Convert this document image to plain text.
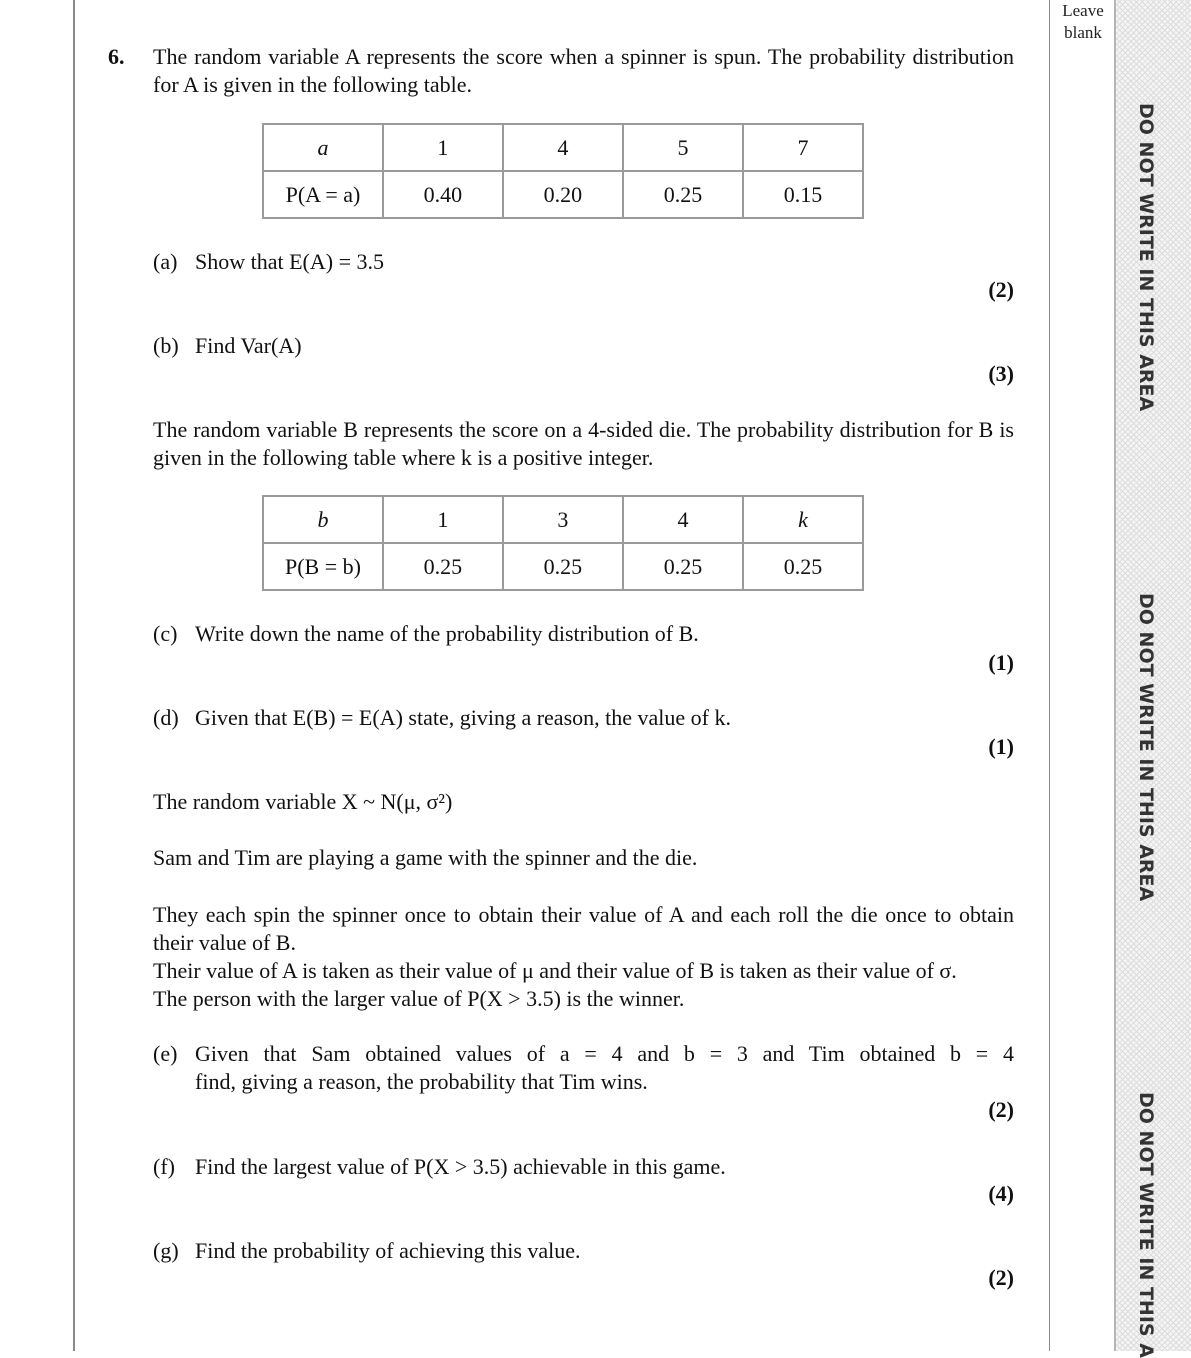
Leave blank
DO NOT WRITE IN THIS AREA
DO NOT WRITE IN THIS AREA
DO NOT WRITE IN THIS A
6. The random variable A represents the score when a spinner is spun. The probability distribution for A is given in the following table.
a	1	4	5	7
P(A = a)	0.40	0.20	0.25	0.15
(a) Show that E(A) = 3.5
(2)
(b) Find Var(A)
(3)
The random variable B represents the score on a 4-sided die. The probability distribution for B is given in the following table where k is a positive integer.
b	1	3	4	k
P(B = b)	0.25	0.25	0.25	0.25
(c) Write down the name of the probability distribution of B.
(1)
(d) Given that E(B) = E(A) state, giving a reason, the value of k.
(1)
The random variable X ~ N(μ, σ²)
Sam and Tim are playing a game with the spinner and the die.
They each spin the spinner once to obtain their value of A and each roll the die once to obtain their value of B.
Their value of A is taken as their value of μ and their value of B is taken as their value of σ.
The person with the larger value of P(X > 3.5) is the winner.
(e) Given that Sam obtained values of a = 4 and b = 3 and Tim obtained b = 4
find, giving a reason, the probability that Tim wins.
(2)
(f) Find the largest value of P(X > 3.5) achievable in this game.
(4)
(g) Find the probability of achieving this value.
(2)
